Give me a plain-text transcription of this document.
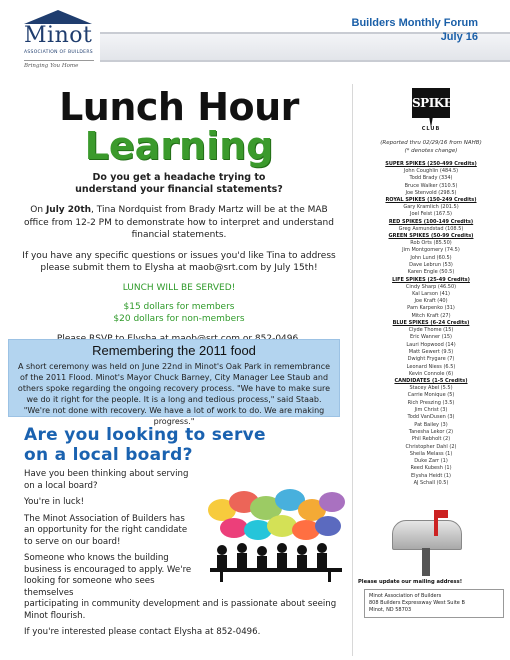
Minot
ASSOCIATION OF BUILDERS
Bringing You Home
Builders Monthly Forum
July 16
Lunch Hour
Learning
Do you get a headache trying to
understand your financial statements?
On July 20th, Tina Nordquist from Brady Martz will be at the MAB office from 12-2 PM to demonstrate how to interpret and understand financial statements.
If you have any specific questions or issues you'd like Tina to address please submit them to Elysha at maob@srt.com by July 15th!
LUNCH WILL BE SERVED!
$15 dollars for members
$20 dollars for non-members
Remembering the 2011 food

A short ceremony was held on June 22nd in Minot's Oak Park in remembrance of the 2011 Flood. Minot's Mayor Chuck Barney, City Manager Lee Staub and others spoke regarding the ongoing recovery process. "We have to make sure we do it right for the people. It is a long and tedious process," said Staab. "We're not done with recovery. We have a lot of work to do. We are making progress."

Are you looking to serve
on a local board?

Have you been thinking about serving on a local board?

You're in luck!

The Minot Association of Builders has an opportunity for the right candidate to serve on our board!

Someone who knows the building business is encouraged to apply. We're looking for someone who sees themselves
participating in community development and is passionate about seeing Minot flourish.

If you're interested please contact Elysha at 852-0496.

SPIKE
CLUB
(Reported thru 02/29/16 from NAHB)
(* denotes change)
SUPER SPIKES (250-499 Credits)
John Coughlin (484.5)
Todd Brady (334)
Bruce Walker (310.5)
Joe Stenvold (298.5)
ROYAL SPIKES (150-249 Credits)
Gary Kramlich (201.5)
Joel Feist (167.5)
RED SPIKES (100-149 Credits)
Greg Asmundstad (108.5)
GREEN SPIKES (50-99 Credits)
Rob Orts (85.50)
Jim Montgomery (74.5)
John Lund (60.5)
Dave Lebrun (53)
Karen Engle (50.5)
LIFE SPIKES (25-49 Credits)
Cindy Sharp (46.50)
Kal Larson (41)
Joe Kraft (40)
Pam Karpenko (31)
Mitch Kraft (27)
BLUE SPIKES (6-24 Credits)
Clyde Thome (15)
Eric Wanner (15)
Lauri Hopwood (14)
Matt Gewert (9.5)
Dwight Frygare (7)
Leonard Niess (6.5)
Kevin Connole (6)
CANDIDATES (1-5 Credits)
Stacey Abel (5.5)
Carrie Monique (5)
Rich Preszing (3.5)
Jim Christ (3)
Todd VanDusen (3)
Pat Bailey (3)
Tanesha Lekor (2)
Phil Rebholt (2)
Christopher Dahl (2)
Sheila Melass (1)
Duke Zarr (1)
Reed Kubesh (1)
Elysha Heidt (1)
AJ Schall (0.5)
Please update our mailing address!
Minot Association of Builders
808 Builders Expressway West Suite B
Minot, ND 58703
